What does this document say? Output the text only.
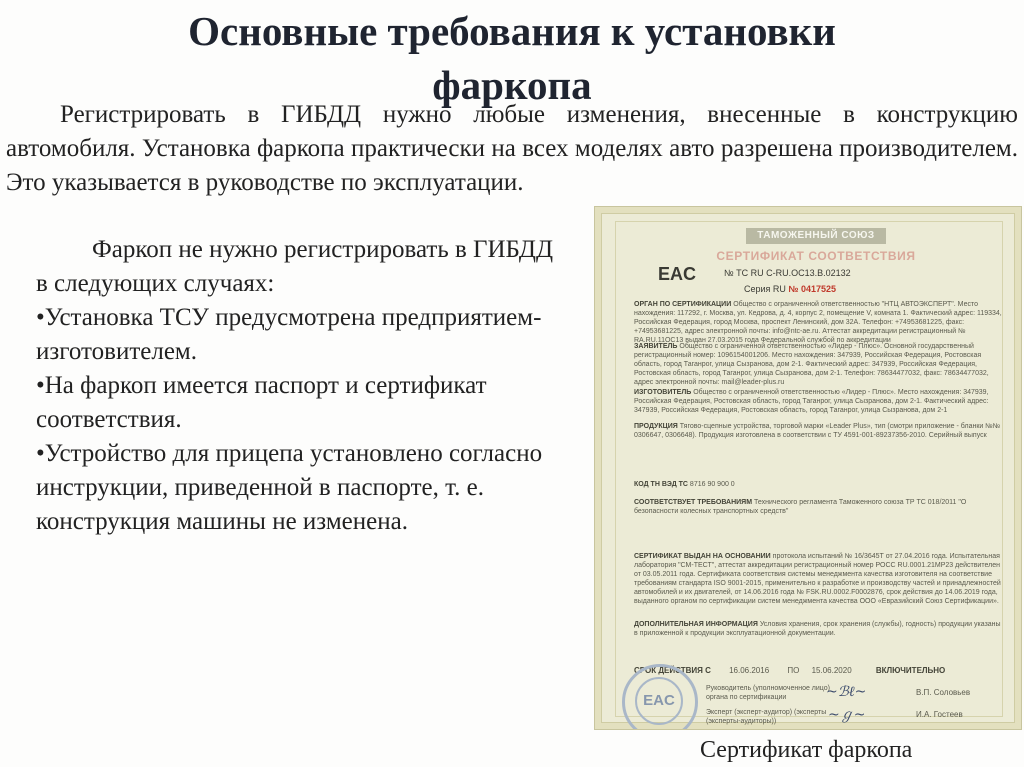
Основные требования к установки
фаркопа

Регистрировать в ГИБДД нужно любые изменения, внесенные в конструкцию автомобиля. Установка фаркопа практически на всех моделях авто разрешена производителем. Это указывается в руководстве по эксплуатации.

Фаркоп не нужно регистрировать в ГИБДД в следующих случаях:

•Установка ТСУ предусмотрена предприятием-изготовителем.

•На фаркоп имеется паспорт и сертификат соответствия.

•Устройство для прицепа установлено согласно инструкции, приведенной в паспорте, т. е. конструкция машины не изменена.

ТАМОЖЕННЫЙ СОЮЗ
СЕРТИФИКАТ СООТВЕТСТВИЯ
EAC	№ ТС RU C-RU.OC13.B.02132
Серия RU № 0417525
ОРГАН ПО СЕРТИФИКАЦИИ Общество с ограниченной ответственностью "НТЦ АВТОЭКСПЕРТ". Место нахождения: 117292, г. Москва, ул. Кедрова, д. 4, корпус 2, помещение V, комната 1. Фактический адрес: 119334, Российская Федерация, город Москва, проспект Ленинский, дом 32А. Телефон: +74953681225, факс: +74953681225, адрес электронной почты: info@ntc-ae.ru. Аттестат аккредитации регистрационный № RA.RU.11OC13 выдан 27.03.2015 года Федеральной службой по аккредитации
ЗАЯВИТЕЛЬ Общество с ограниченной ответственностью «Лидер - Плюс». Основной государственный регистрационный номер: 1096154001206. Место нахождения: 347939, Российская Федерация, Ростовская область, город Таганрог, улица Сызранова, дом 2-1. Фактический адрес: 347939, Российская Федерация, Ростовская область, город Таганрог, улица Сызранова, дом 2-1. Телефон: 78634477032, факс: 78634477032, адрес электронной почты: mail@leader-plus.ru
ИЗГОТОВИТЕЛЬ Общество с ограниченной ответственностью «Лидер - Плюс». Место нахождения: 347939, Российская Федерация, Ростовская область, город Таганрог, улица Сызранова, дом 2-1. Фактический адрес: 347939, Российская Федерация, Ростовская область, город Таганрог, улица Сызранова, дом 2-1
ПРОДУКЦИЯ Тягово-сцепные устройства, торговой марки «Leader Plus», тип (смотри приложение - бланки №№ 0306647, 0306648). Продукция изготовлена в соответствии с ТУ 4591-001-89237356-2010. Серийный выпуск
КОД ТН ВЭД ТС 8716 90 900 0
СООТВЕТСТВУЕТ ТРЕБОВАНИЯМ Технического регламента Таможенного союза ТР ТС 018/2011 "О безопасности колесных транспортных средств"
СЕРТИФИКАТ ВЫДАН НА ОСНОВАНИИ протокола испытаний № 16/3645Т от 27.04.2016 года. Испытательная лаборатория "СМ-ТЕСТ", аттестат аккредитации регистрационный номер РОСС RU.0001.21МР23 действителен от 03.05.2011 года. Сертификата соответствия системы менеджмента качества изготовителя на соответствие требованиям стандарта ISO 9001-2015, применительно к разработке и производству частей и принадлежностей автомобилей и их двигателей, от 14.06.2016 года № FSK.RU.0002.F0002876, срок действия до 14.06.2019 года, выданного органом по сертификации систем менеджмента качества ООО «Евразийский Союз Сертификации».
ДОПОЛНИТЕЛЬНАЯ ИНФОРМАЦИЯ Условия хранения, срок хранения (службы), годность) продукции указаны в приложенной к продукции эксплуатационной документации.
СРОК ДЕЙСТВИЯ С 16.06.2016 ПО 15.06.2020	ВКЛЮЧИТЕЛЬНО
Руководитель (уполномоченное лицо) органа по сертификации	~ℬℓ~	В.П. Соловьев
Эксперт (эксперт-аудитор) (эксперты (эксперты-аудиторы))	~ℊ~	И.А. Гостеев
EAC
Сертификат фаркопа
